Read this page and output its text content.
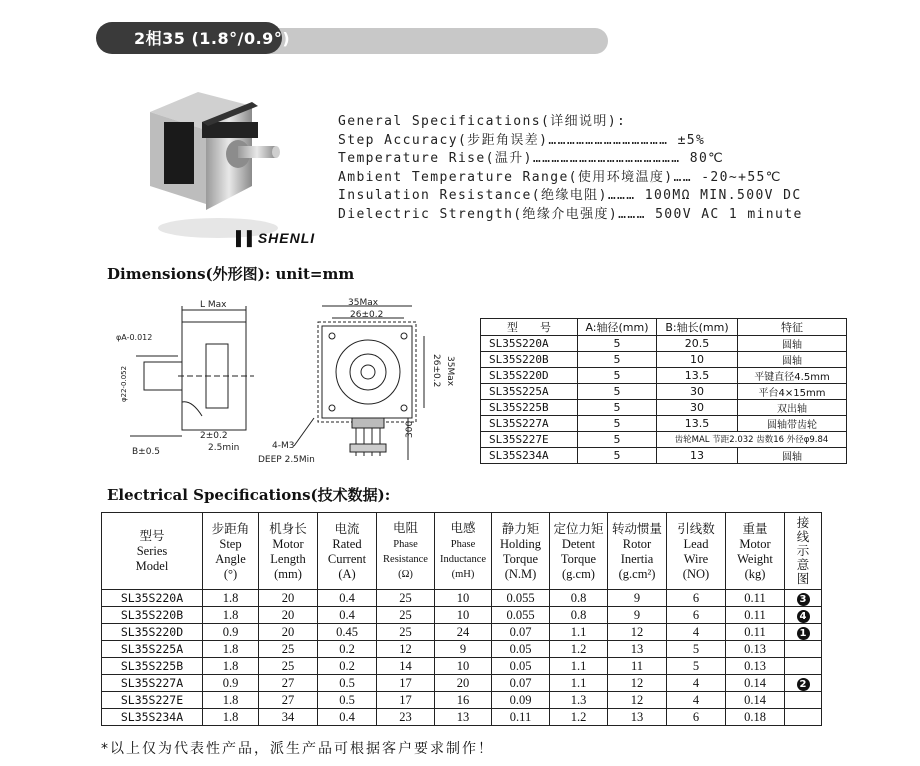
2相35 (1.8°/0.9°)
▌▌SHENLI
General Specifications(详细说明):
Step Accuracy(步距角误差)………………………………… ±5%
Temperature Rise(温升)………………………………………… 80℃
Ambient Temperature Range(使用环境温度)…… -20~+55℃
Insulation Resistance(绝缘电阻)……… 100MΩ MIN.500V DC
Dielectric Strength(绝缘介电强度)……… 500V AC 1 minute
Dimensions(外形图): unit=mm
L Max
φA-0.012
φ22-0.052
B±0.5
2±0.2
2.5min
35Max
26±0.2
26±0.2 35Max
300
4-M3
DEEP 2.5Min
型　　号	A:轴径(mm)	B:轴长(mm)	特征
SL35S220A	5	20.5	圆轴
SL35S220B	5	10	圆轴
SL35S220D	5	13.5	平键直径4.5mm
SL35S225A	5	30	平台4×15mm
SL35S225B	5	30	双出轴
SL35S227A	5	13.5	圆轴带齿轮
SL35S227E	5	齿轮MAL 节距2.032 齿数16 外径φ9.84	
SL35S234A	5	13	圆轴
Electrical Specifications(技术数据):
型号
Series
Model	步距角
Step
Angle
(°)	机身长
Motor
Length
(mm)	电流
Rated
Current
(A)	电阻
Phase
Resistance
(Ω)	电感
Phase
Inductance
(mH)	静力矩
Holding
Torque
(N.M)	定位力矩
Detent
Torque
(g.cm)	转动惯量
Rotor
Inertia
(g.cm²)	引线数
Lead
Wire
(NO)	重量
Motor
Weight
(kg)	接线示意图

SL35S220A	1.8	20	0.4	25	10	0.055	0.8	9	6	0.11	3
SL35S220B	1.8	20	0.4	25	10	0.055	0.8	9	6	0.11	4
SL35S220D	0.9	20	0.45	25	24	0.07	1.1	12	4	0.11	1
SL35S225A	1.8	25	0.2	12	9	0.05	1.2	13	5	0.13	
SL35S225B	1.8	25	0.2	14	10	0.05	1.1	11	5	0.13	
SL35S227A	0.9	27	0.5	17	20	0.07	1.1	12	4	0.14	2
SL35S227E	1.8	27	0.5	17	16	0.09	1.3	12	4	0.14	
SL35S234A	1.8	34	0.4	23	13	0.11	1.2	13	6	0.18	
*以上仅为代表性产品，派生产品可根据客户要求制作！
